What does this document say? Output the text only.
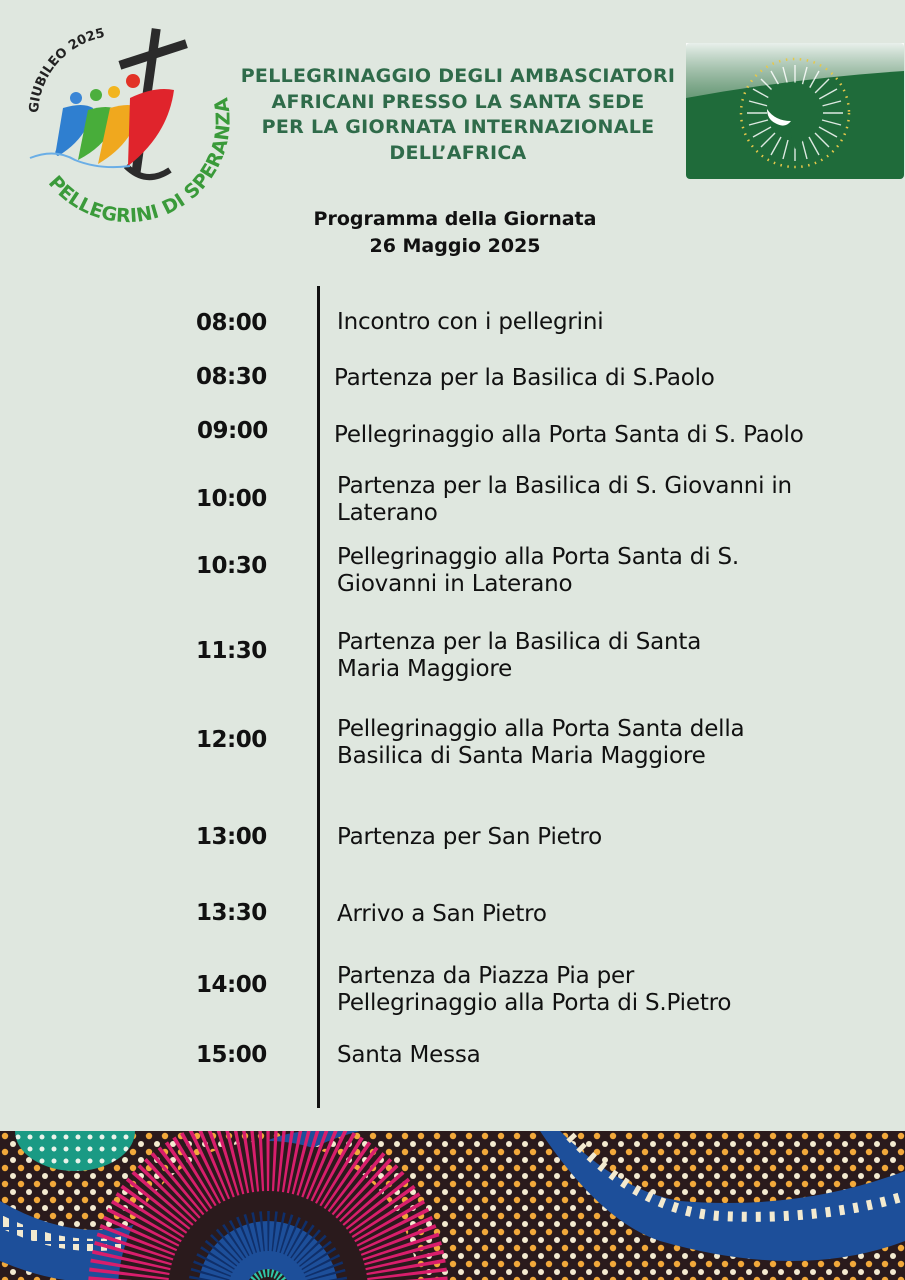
GIUBILEO 2025
PELLEGRINI DI SPERANZA
PELLEGRINAGGIO DEGLI AMBASCIATORI
AFRICANI PRESSO LA SANTA SEDE
PER LA GIORNATA INTERNAZIONALE
DELL’AFRICA
Programma della Giornata
26 Maggio 2025
08:00	Incontro con i pellegrini
08:30	Partenza per la Basilica di S.Paolo
09:00	Pellegrinaggio alla Porta Santa di S. Paolo
10:00	Partenza per la Basilica di S. Giovanni in
Laterano
10:30	Pellegrinaggio alla Porta Santa di S.
Giovanni in Laterano
11:30	Partenza per la Basilica di Santa
Maria Maggiore
12:00	Pellegrinaggio alla Porta Santa della
Basilica di Santa Maria Maggiore
13:00	Partenza per San Pietro
13:30	Arrivo a San Pietro
14:00	Partenza da Piazza Pia per
Pellegrinaggio alla Porta di S.Pietro
15:00	Santa Messa
